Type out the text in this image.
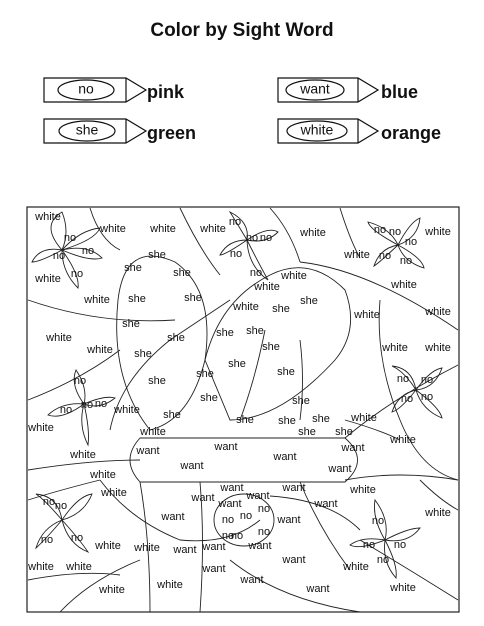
Color by Sight Word
no	pink	want	blue
she	green	white	orange
white
no
no
no
no
white
white white
no
no no
no
no
white	white	no no
no
no no
white
white
white
white
she
she
she
she	she
white
white
white
white she
she
she
she
white
white
she she
she
white
she
she
she
she
she
white white
no
no no no white
white
she	she
she	she she she
she she
white
no no
no no
white
white
want	want	want
want
want	want
white
white
white	white
white
no no
no no
want
want	want
want
want	want
no no
no
want
want
no
no no
no
no no
no
white white want want want
want
want
want
want
white
white white
white	white	white
